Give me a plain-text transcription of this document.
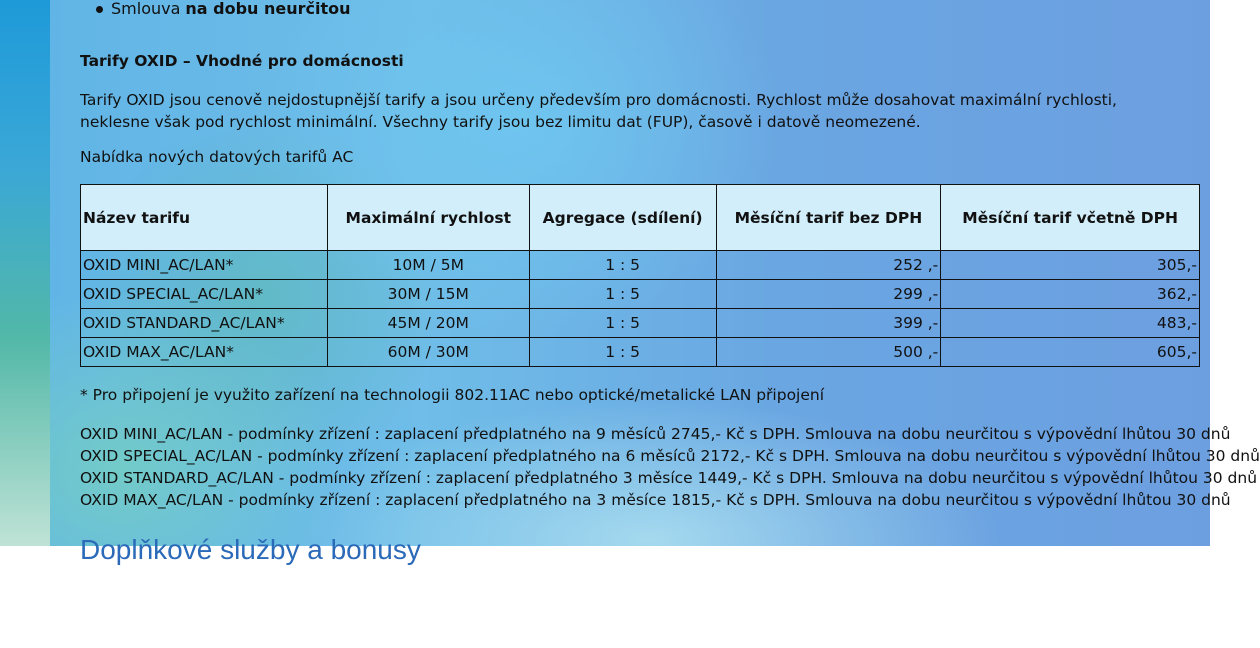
Smlouva na dobu neurčitou
Tarify OXID – Vhodné pro domácnosti
Tarify OXID jsou cenově nejdostupnější tarify a jsou určeny především pro domácnosti. Rychlost může dosahovat maximální rychlosti, neklesne však pod rychlost minimální. Všechny tarify jsou bez limitu dat (FUP), časově i datově neomezené.
Nabídka nových datových tarifů AC
Název tarifu	Maximální rychlost	Agregace (sdílení)	Měsíční tarif bez DPH	Měsíční tarif včetně DPH
OXID MINI_AC/LAN*	10M / 5M	1 : 5	252 ,-	305,-
OXID SPECIAL_AC/LAN*	30M / 15M	1 : 5	299 ,-	362,-
OXID STANDARD_AC/LAN*	45M / 20M	1 : 5	399 ,-	483,-
OXID MAX_AC/LAN*	60M / 30M	1 : 5	500 ,-	605,-
* Pro připojení je využito zařízení na technologii 802.11AC nebo optické/metalické LAN připojení
OXID MINI_AC/LAN - podmínky zřízení : zaplacení předplatného na 9 měsíců 2745,- Kč s DPH. Smlouva na dobu neurčitou s výpovědní lhůtou 30 dnů
OXID SPECIAL_AC/LAN - podmínky zřízení : zaplacení předplatného na 6 měsíců 2172,- Kč s DPH. Smlouva na dobu neurčitou s výpovědní lhůtou 30 dnů
OXID STANDARD_AC/LAN - podmínky zřízení : zaplacení předplatného 3 měsíce 1449,- Kč s DPH. Smlouva na dobu neurčitou s výpovědní lhůtou 30 dnů
OXID MAX_AC/LAN - podmínky zřízení : zaplacení předplatného na 3 měsíce 1815,- Kč s DPH. Smlouva na dobu neurčitou s výpovědní lhůtou 30 dnů
Doplňkové služby a bonusy
